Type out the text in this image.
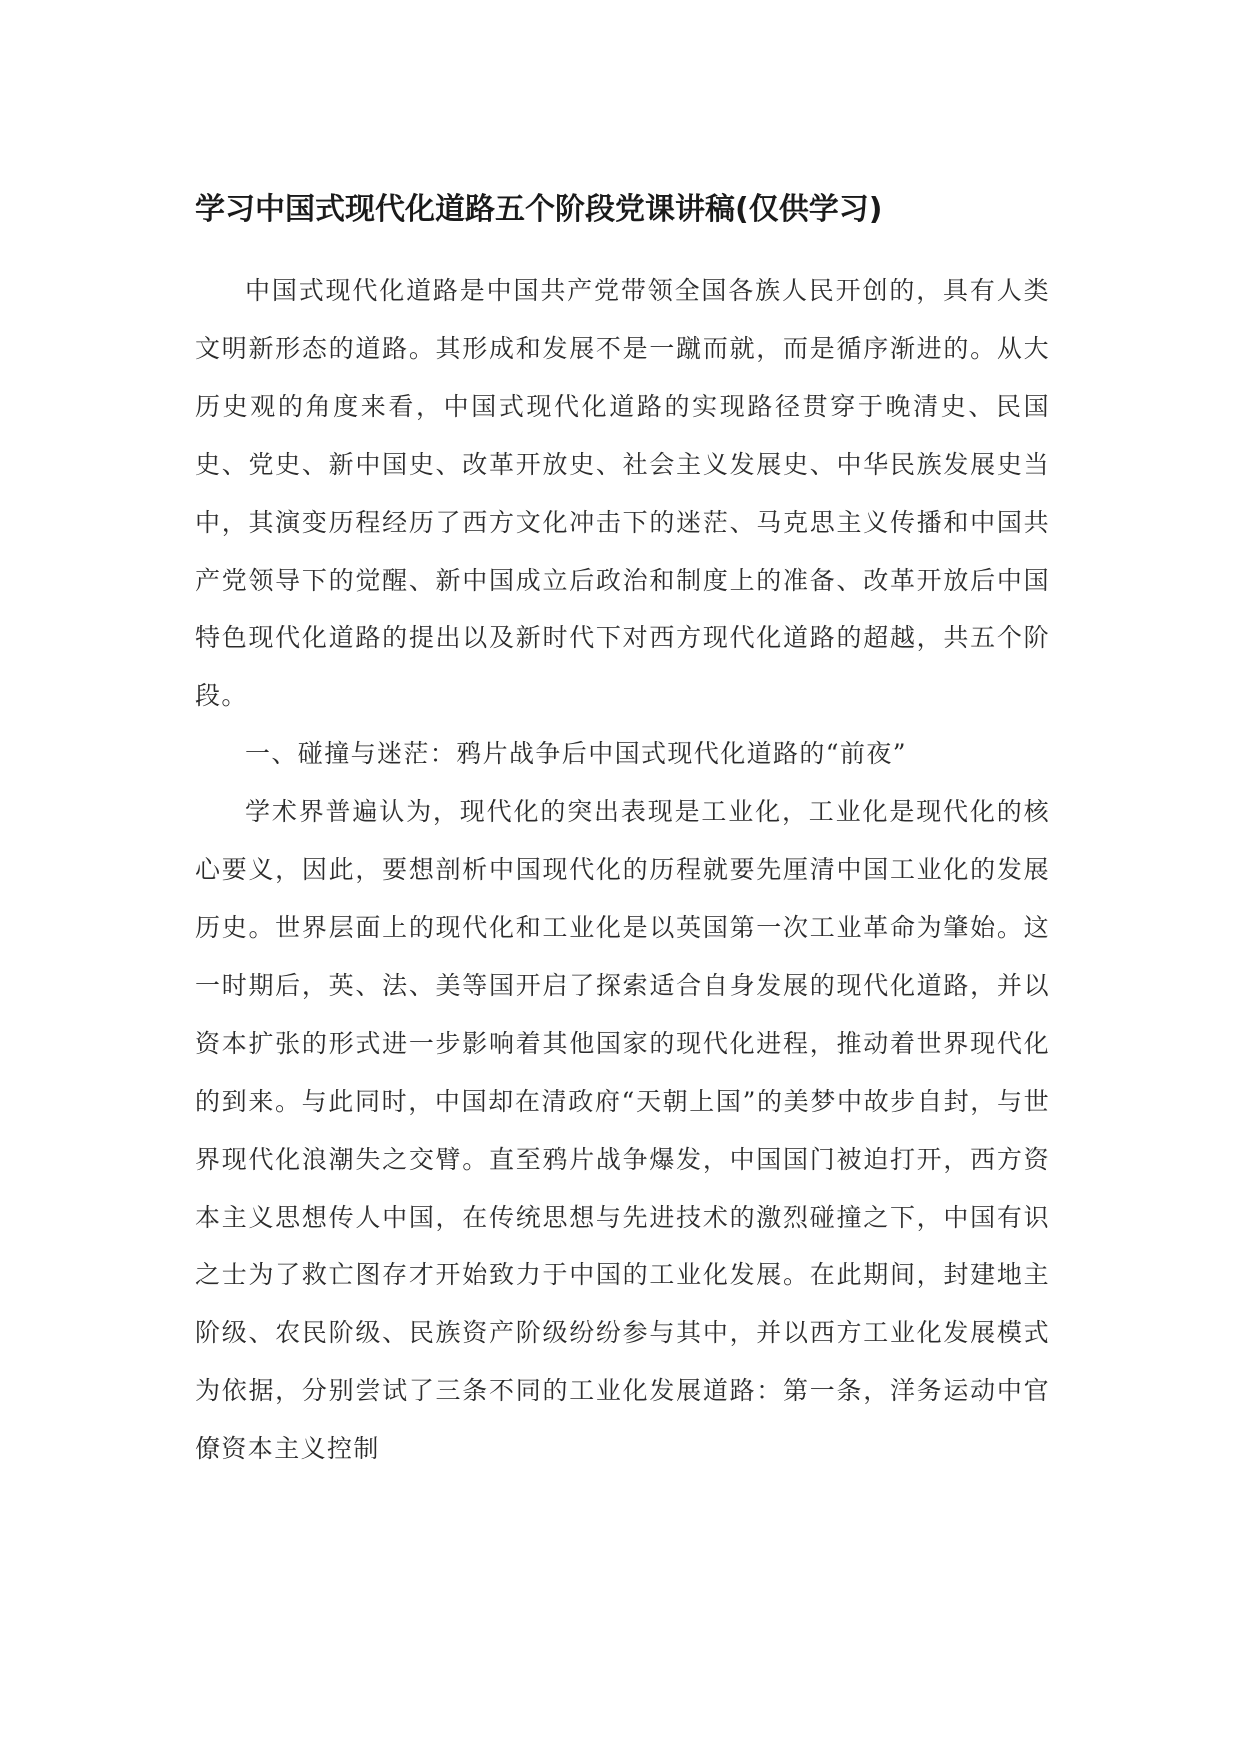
学习中国式现代化道路五个阶段党课讲稿(仅供学习)

中国式现代化道路是中国共产党带领全国各族人民开创的，具有人类文明新形态的道路。其形成和发展不是一蹴而就，而是循序渐进的。从大历史观的角度来看，中国式现代化道路的实现路径贯穿于晚清史、民国史、党史、新中国史、改革开放史、社会主义发展史、中华民族发展史当中，其演变历程经历了西方文化冲击下的迷茫、马克思主义传播和中国共产党领导下的觉醒、新中国成立后政治和制度上的准备、改革开放后中国特色现代化道路的提出以及新时代下对西方现代化道路的超越，共五个阶段。

一、碰撞与迷茫：鸦片战争后中国式现代化道路的“前夜”

学术界普遍认为，现代化的突出表现是工业化，工业化是现代化的核心要义，因此，要想剖析中国现代化的历程就要先厘清中国工业化的发展历史。世界层面上的现代化和工业化是以英国第一次工业革命为肇始。这一时期后，英、法、美等国开启了探索适合自身发展的现代化道路，并以资本扩张的形式进一步影响着其他国家的现代化进程，推动着世界现代化的到来。与此同时，中国却在清政府“天朝上国”的美梦中故步自封，与世界现代化浪潮失之交臂。直至鸦片战争爆发，中国国门被迫打开，西方资本主义思想传人中国，在传统思想与先进技术的激烈碰撞之下，中国有识之士为了救亡图存才开始致力于中国的工业化发展。在此期间，封建地主阶级、农民阶级、民族资产阶级纷纷参与其中，并以西方工业化发展模式为依据，分别尝试了三条不同的工业化发展道路：第一条，洋务运动中官僚资本主义控制
